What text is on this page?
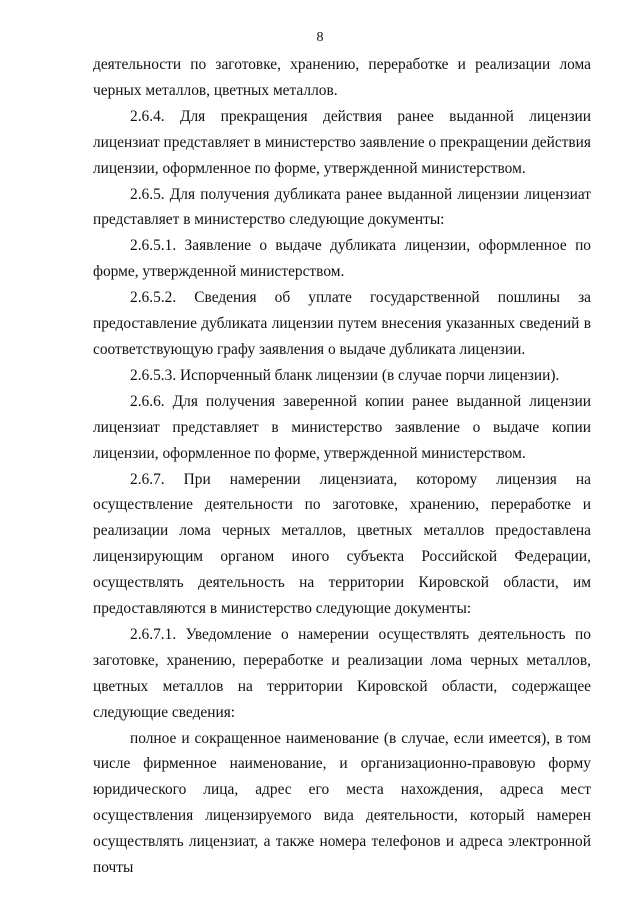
8

деятельности по заготовке, хранению, переработке и реализации лома черных металлов, цветных металлов.

2.6.4. Для прекращения действия ранее выданной лицензии лицензиат представляет в министерство заявление о прекращении действия лицензии, оформленное по форме, утвержденной министерством.

2.6.5. Для получения дубликата ранее выданной лицензии лицензиат представляет в министерство следующие документы:

2.6.5.1. Заявление о выдаче дубликата лицензии, оформленное по форме, утвержденной министерством.

2.6.5.2. Сведения об уплате государственной пошлины за предоставление дубликата лицензии путем внесения указанных сведений в соответствующую графу заявления о выдаче дубликата лицензии.

2.6.5.3. Испорченный бланк лицензии (в случае порчи лицензии).

2.6.6. Для получения заверенной копии ранее выданной лицензии лицензиат представляет в министерство заявление о выдаче копии лицензии, оформленное по форме, утвержденной министерством.

2.6.7. При намерении лицензиата, которому лицензия на осуществление деятельности по заготовке, хранению, переработке и реализации лома черных металлов, цветных металлов предоставлена лицензирующим органом иного субъекта Российской Федерации, осуществлять деятельность на территории Кировской области, им предоставляются в министерство следующие документы:

2.6.7.1. Уведомление о намерении осуществлять деятельность по заготовке, хранению, переработке и реализации лома черных металлов, цветных металлов на территории Кировской области, содержащее следующие сведения:

полное и сокращенное наименование (в случае, если имеется), в том числе фирменное наименование, и организационно-правовую форму юридического лица, адрес его места нахождения, адреса мест осуществления лицензируемого вида деятельности, который намерен осуществлять лицензиат, а также номера телефонов и адреса электронной почты
